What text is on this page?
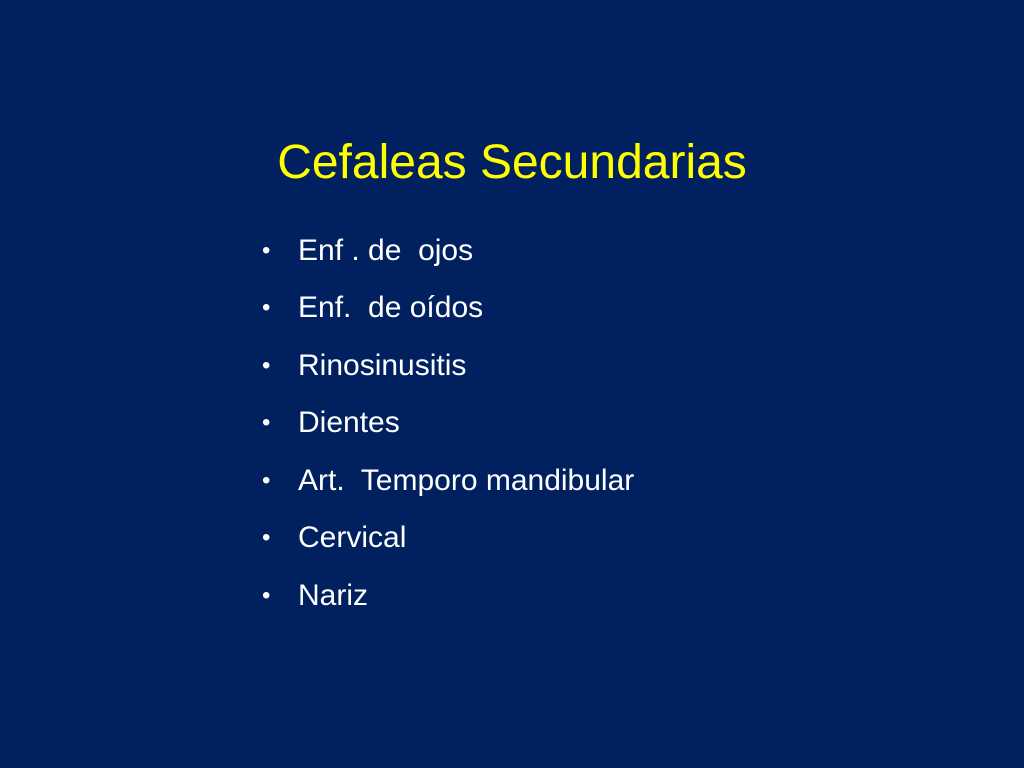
Cefaleas Secundarias
• Enf . de  ojos
• Enf.  de oídos
• Rinosinusitis
• Dientes
• Art.  Temporo mandibular
• Cervical
• Nariz
